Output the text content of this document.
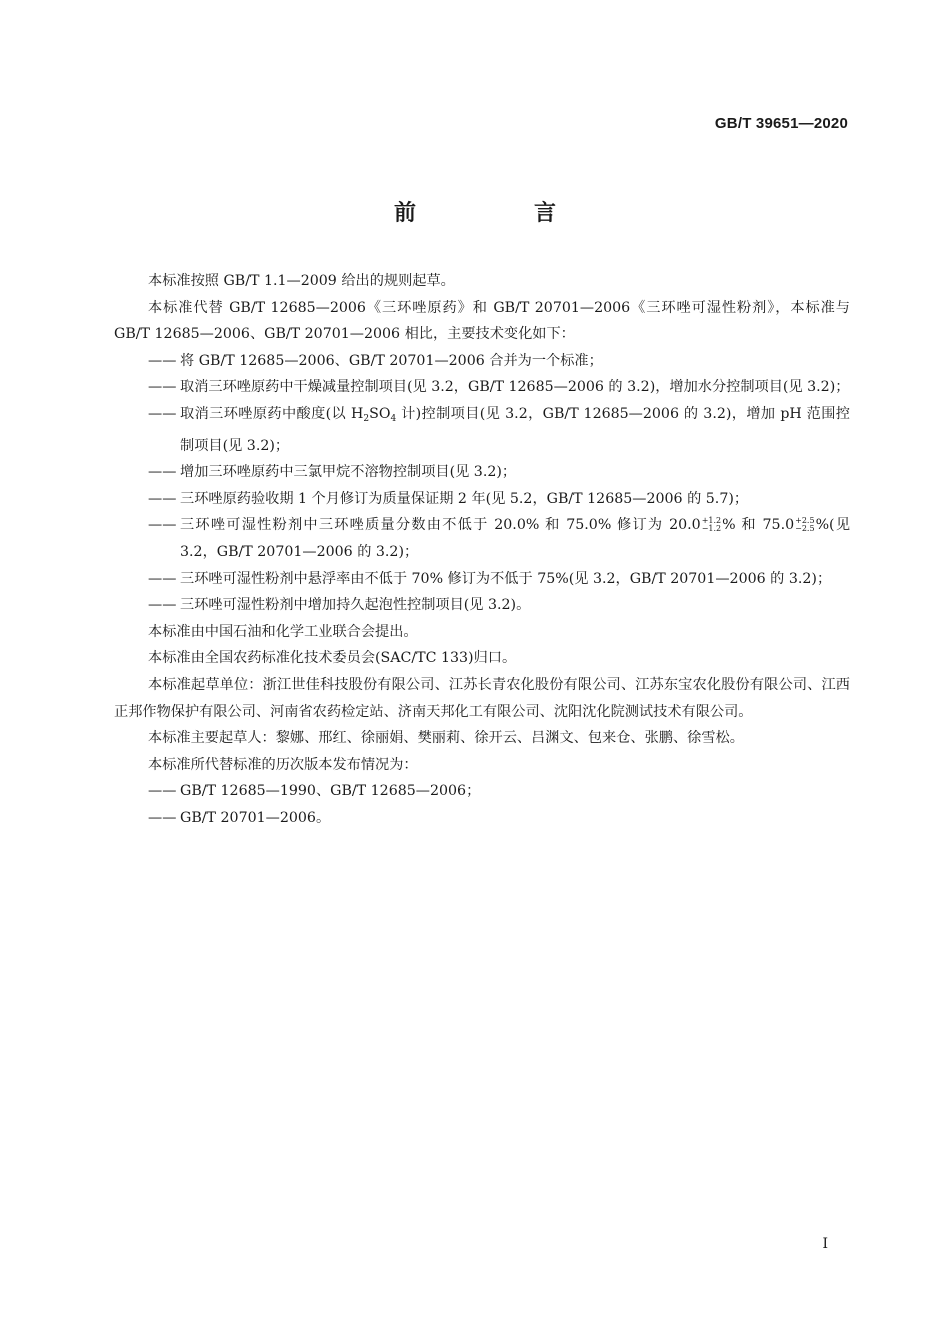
GB/T 39651—2020
前　言
本标准按照 GB/T 1.1—2009 给出的规则起草。
本标准代替 GB/T 12685—2006《三环唑原药》和 GB/T 20701—2006《三环唑可湿性粉剂》，本标准与 GB/T 12685—2006、GB/T 20701—2006 相比，主要技术变化如下：
—— 将 GB/T 12685—2006、GB/T 20701—2006 合并为一个标准；
—— 取消三环唑原药中干燥减量控制项目(见 3.2，GB/T 12685—2006 的 3.2)，增加水分控制项目(见 3.2)；
—— 取消三环唑原药中酸度(以 $H_2SO_4$ 计)控制项目(见 3.2，GB/T 12685—2006 的 3.2)，增加 pH 范围控制项目(见 3.2)；
—— 增加三环唑原药中三氯甲烷不溶物控制项目(见 3.2)；
—— 三环唑原药验收期 1 个月修订为质量保证期 2 年(见 5.2，GB/T 12685—2006 的 5.7)；
—— 三环唑可湿性粉剂中三环唑质量分数由不低于 20.0% 和 75.0% 修订为 20.0 +1.2
−1.2 % 和 75.0 +2.5
−2.5 %(见 3.2，GB/T 20701—2006 的 3.2)；
—— 三环唑可湿性粉剂中悬浮率由不低于 70% 修订为不低于 75%(见 3.2，GB/T 20701—2006 的 3.2)；
—— 三环唑可湿性粉剂中增加持久起泡性控制项目(见 3.2)。
本标准由中国石油和化学工业联合会提出。
本标准由全国农药标准化技术委员会(SAC/TC 133)归口。
本标准起草单位：浙江世佳科技股份有限公司、江苏长青农化股份有限公司、江苏东宝农化股份有限公司、江西正邦作物保护有限公司、河南省农药检定站、济南天邦化工有限公司、沈阳沈化院测试技术有限公司。
本标准主要起草人：黎娜、邢红、徐丽娟、樊丽莉、徐开云、吕渊文、包来仓、张鹏、徐雪松。
本标准所代替标准的历次版本发布情况为：
—— GB/T 12685—1990、GB/T 12685—2006；
—— GB/T 20701—2006。
I
